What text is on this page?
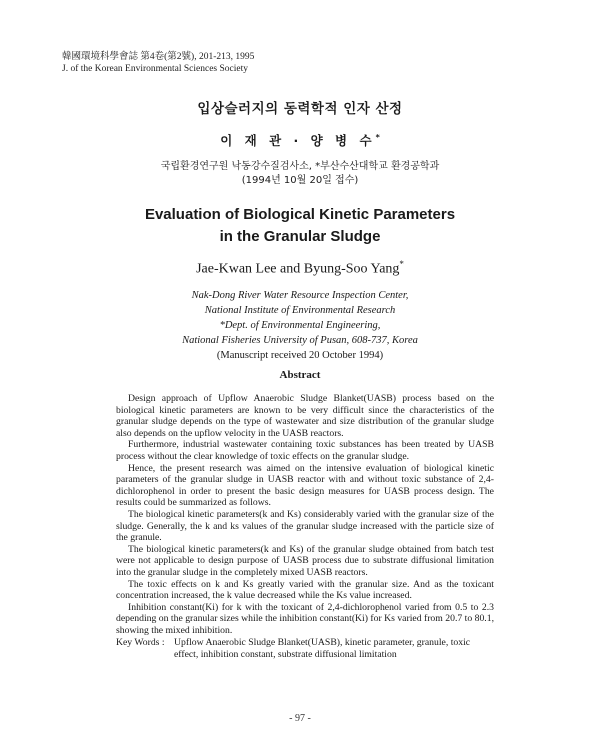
韓國環境科學會誌 第4卷(第2號), 201-213, 1995
J. of the Korean Environmental Sciences Society
입상슬러지의 동력학적 인자 산정
이 재 관 · 양 병 수*
국립환경연구원 낙동강수질검사소, *부산수산대학교 환경공학과
(1994년 10월 20일 접수)
Evaluation of Biological Kinetic Parameters
in the Granular Sludge
Jae-Kwan Lee and Byung-Soo Yang*
Nak-Dong River Water Resource Inspection Center,
National Institute of Environmental Research
*Dept. of Environmental Engineering,
National Fisheries University of Pusan, 608-737, Korea
(Manuscript received 20 October 1994)
Abstract

Design approach of Upflow Anaerobic Sludge Blanket(UASB) process based on the biological kinetic parameters are known to be very difficult since the characteristics of the granular sludge depends on the type of wastewater and size distribution of the granular sludge also depends on the upflow velocity in the UASB reactors.

Furthermore, industrial wastewater containing toxic substances has been treated by UASB process without the clear knowledge of toxic effects on the granular sludge.

Hence, the present research was aimed on the intensive evaluation of biological kinetic parameters of the granular sludge in UASB reactor with and without toxic substance of 2,4-dichlorophenol in order to present the basic design measures for UASB process design. The results could be summarized as follows.

The biological kinetic parameters(k and Ks) considerably varied with the granular size of the sludge. Generally, the k and ks values of the granular sludge increased with the particle size of the granule.

The biological kinetic parameters(k and Ks) of the granular sludge obtained from batch test were not applicable to design purpose of UASB process due to substrate diffusional limitation into the granular sludge in the completely mixed UASB reactors.

The toxic effects on k and Ks greatly varied with the granular size. And as the toxicant concentration increased, the k value decreased while the Ks value increased.

Inhibition constant(Ki) for k with the toxicant of 2,4-dichlorophenol varied from 0.5 to 2.3 depending on the granular sizes while the inhibition constant(Ki) for Ks varied from 20.7 to 80.1, showing the mixed inhibition.

Key Words : Upflow Anaerobic Sludge Blanket(UASB), kinetic parameter, granule, toxic effect, inhibition constant, substrate diffusional limitation
- 97 -
